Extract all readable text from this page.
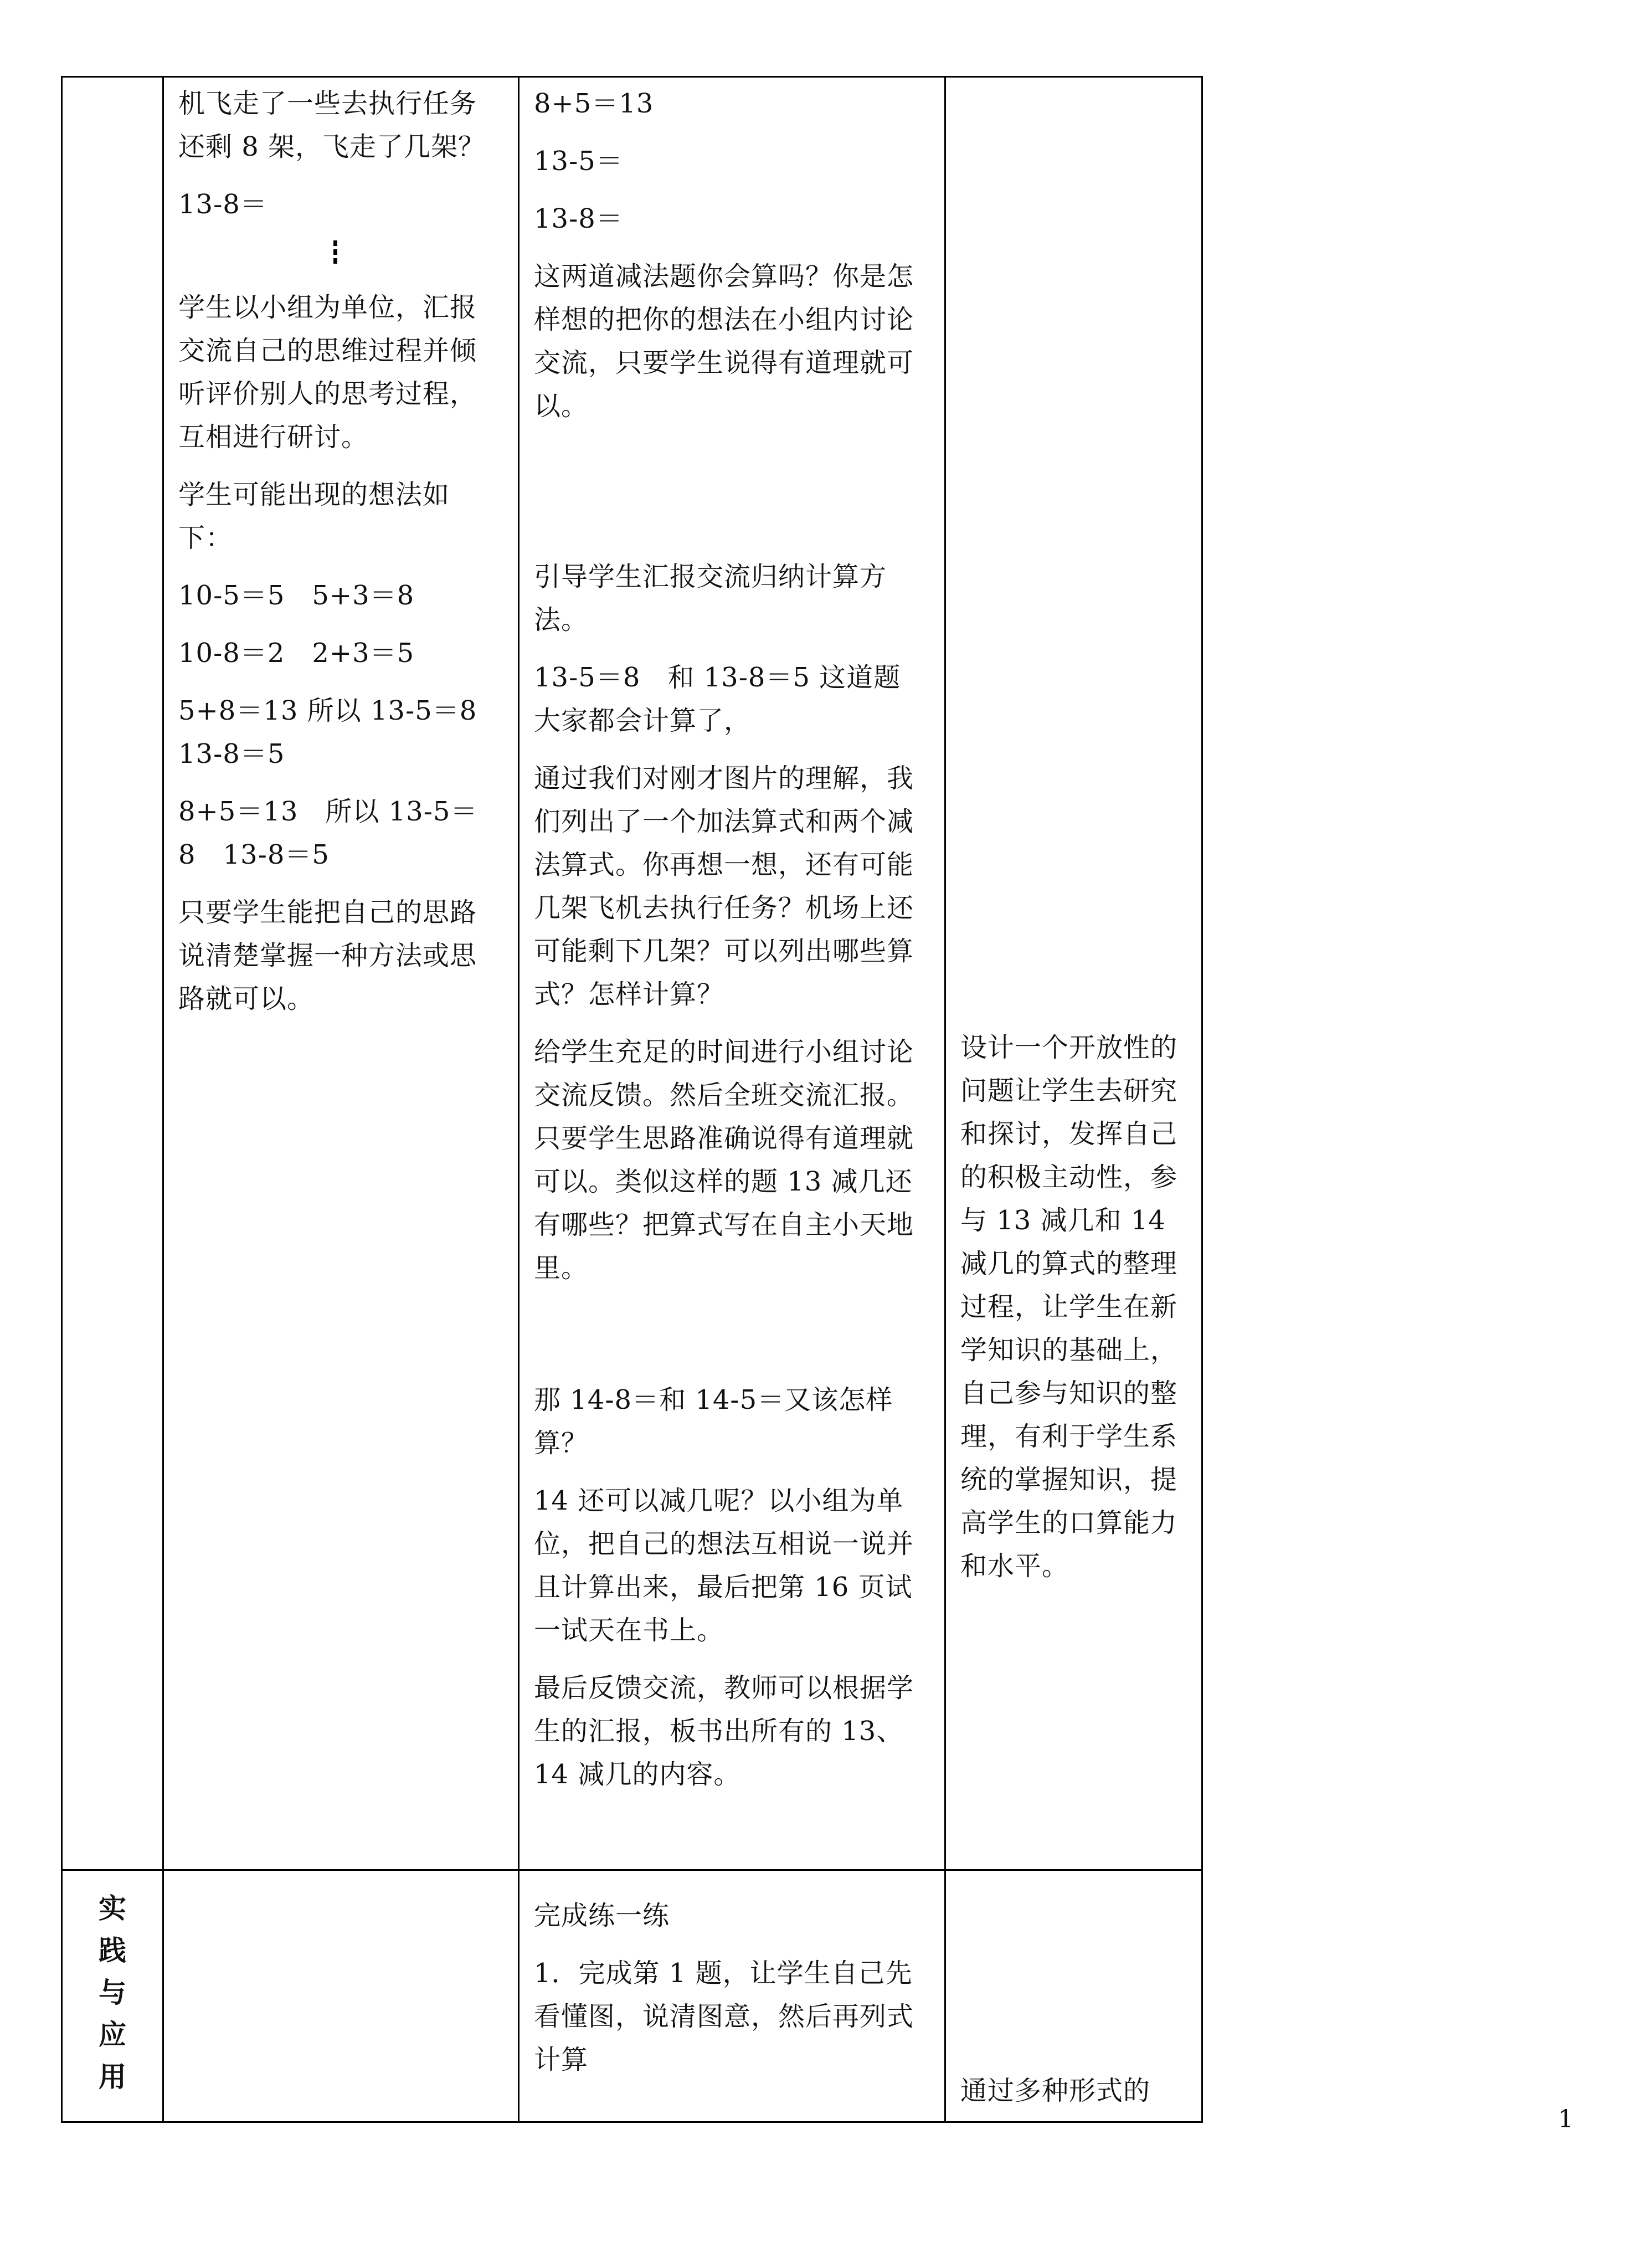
机飞走了一些去执行任务还剩 8 架，飞走了几架？
13-8＝
学生以小组为单位，汇报交流自己的思维过程并倾听评价别人的思考过程，互相进行研讨。
学生可能出现的想法如下：
10-5＝5　5+3＝8
10-8＝2　2+3＝5
5+8＝13 所以 13-5＝8　13-8＝5
8+5＝13　所以 13-5＝8　13-8＝5
只要学生能把自己的思路说清楚掌握一种方法或思路就可以。
8+5＝13
13-5＝
13-8＝
这两道减法题你会算吗？你是怎样想的把你的想法在小组内讨论交流，只要学生说得有道理就可以。
引导学生汇报交流归纳计算方法。
13-5＝8　和 13-8＝5 这道题大家都会计算了，
通过我们对刚才图片的理解，我们列出了一个加法算式和两个减法算式。你再想一想，还有可能几架飞机去执行任务？机场上还可能剩下几架？可以列出哪些算式？怎样计算？
给学生充足的时间进行小组讨论交流反馈。然后全班交流汇报。只要学生思路准确说得有道理就可以。类似这样的题 13 减几还有哪些？把算式写在自主小天地里。
那 14-8＝和 14-5＝又该怎样算？
14 还可以减几呢？以小组为单位，把自己的想法互相说一说并且计算出来，最后把第 16 页试一试天在书上。
最后反馈交流，教师可以根据学生的汇报，板书出所有的 13、14 减几的内容。
设计一个开放性的问题让学生去研究和探讨，发挥自己的积极主动性，参与 13 减几和 14 减几的算式的整理过程，让学生在新学知识的基础上，自己参与知识的整理，有利于学生系统的掌握知识，提高学生的口算能力和水平。
实
践
与
应
用
完成练一练
1．完成第 1 题，让学生自己先看懂图，说清图意，然后再列式计算
通过多种形式的
1
